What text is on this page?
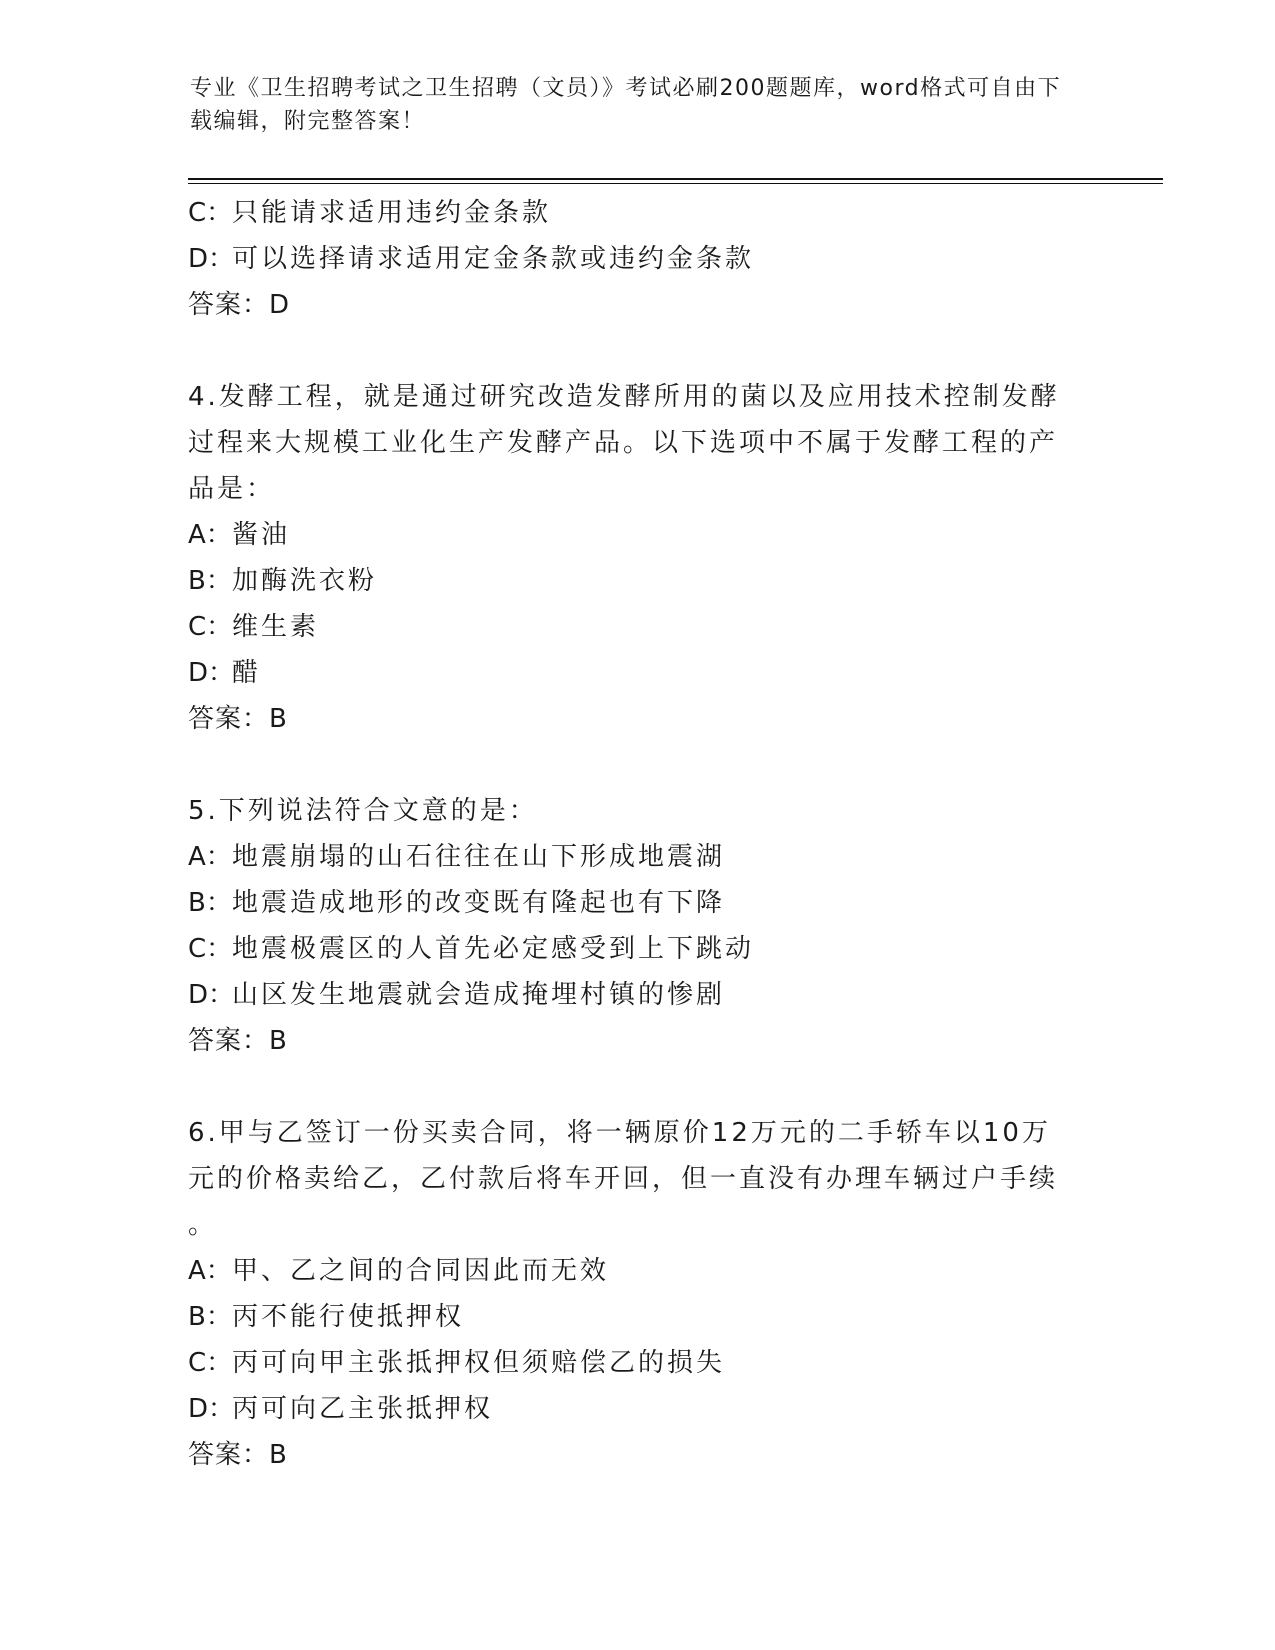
专业《卫生招聘考试之卫生招聘（文员）》考试必刷200题题库，word格式可自由下载编辑，附完整答案！
C：只能请求适用违约金条款
D：可以选择请求适用定金条款或违约金条款
答案：D
4.发酵工程，就是通过研究改造发酵所用的菌以及应用技术控制发酵
过程来大规模工业化生产发酵产品。以下选项中不属于发酵工程的产
品是：
A：酱油
B：加酶洗衣粉
C：维生素
D：醋
答案：B
5.下列说法符合文意的是：
A：地震崩塌的山石往往在山下形成地震湖
B：地震造成地形的改变既有隆起也有下降
C：地震极震区的人首先必定感受到上下跳动
D：山区发生地震就会造成掩埋村镇的惨剧
答案：B
6.甲与乙签订一份买卖合同，将一辆原价12万元的二手轿车以10万
元的价格卖给乙，乙付款后将车开回，但一直没有办理车辆过户手续
。
A：甲、乙之间的合同因此而无效
B：丙不能行使抵押权
C：丙可向甲主张抵押权但须赔偿乙的损失
D：丙可向乙主张抵押权
答案：B
